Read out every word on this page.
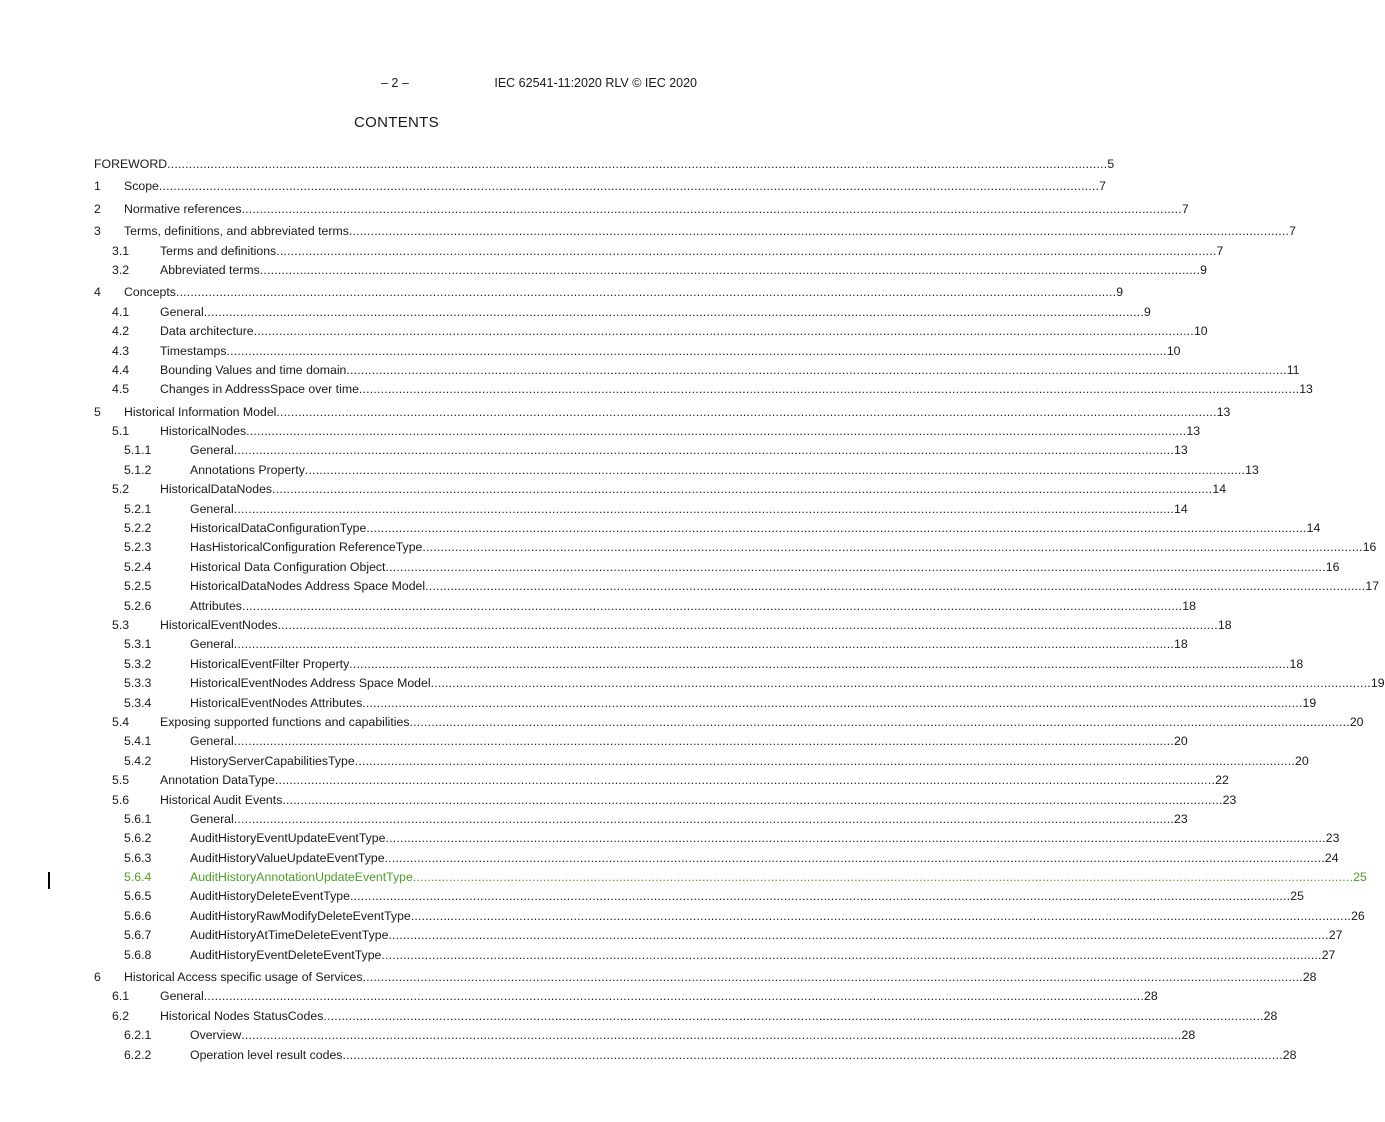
– 2 –	IEC 62541-11:2020 RLV © IEC 2020
CONTENTS
FOREWORD .................................................................................................................................................................................................................................................................... 5
1 Scope .................................................................................................................................................................................................................................................................... 7
2 Normative references .................................................................................................................................................................................................................................................................... 7
3 Terms, definitions, and abbreviated terms .................................................................................................................................................................................................................................................................... 7
3.1	Terms and definitions .................................................................................................................................................................................................................................................................... 7
3.2	Abbreviated terms .................................................................................................................................................................................................................................................................... 9
4 Concepts .................................................................................................................................................................................................................................................................... 9
4.1	General .................................................................................................................................................................................................................................................................... 9
4.2	Data architecture .................................................................................................................................................................................................................................................................... 10
4.3	Timestamps .................................................................................................................................................................................................................................................................... 10
4.4	Bounding Values and time domain .................................................................................................................................................................................................................................................................... 11
4.5	Changes in AddressSpace over time .................................................................................................................................................................................................................................................................... 13
5 Historical Information Model .................................................................................................................................................................................................................................................................... 13
5.1	HistoricalNodes .................................................................................................................................................................................................................................................................... 13
5.1.1	General .................................................................................................................................................................................................................................................................... 13
5.1.2	Annotations Property .................................................................................................................................................................................................................................................................... 13
5.2	HistoricalDataNodes .................................................................................................................................................................................................................................................................... 14
5.2.1	General .................................................................................................................................................................................................................................................................... 14
5.2.2	HistoricalDataConfigurationType .................................................................................................................................................................................................................................................................... 14
5.2.3	HasHistoricalConfiguration ReferenceType .................................................................................................................................................................................................................................................................... 16
5.2.4	Historical Data Configuration Object .................................................................................................................................................................................................................................................................... 16
5.2.5	HistoricalDataNodes Address Space Model .................................................................................................................................................................................................................................................................... 17
5.2.6	Attributes .................................................................................................................................................................................................................................................................... 18
5.3	HistoricalEventNodes .................................................................................................................................................................................................................................................................... 18
5.3.1	General .................................................................................................................................................................................................................................................................... 18
5.3.2	HistoricalEventFilter Property .................................................................................................................................................................................................................................................................... 18
5.3.3	HistoricalEventNodes Address Space Model .................................................................................................................................................................................................................................................................... 19
5.3.4	HistoricalEventNodes Attributes .................................................................................................................................................................................................................................................................... 19
5.4	Exposing supported functions and capabilities .................................................................................................................................................................................................................................................................... 20
5.4.1	General .................................................................................................................................................................................................................................................................... 20
5.4.2	HistoryServerCapabilitiesType .................................................................................................................................................................................................................................................................... 20
5.5	Annotation DataType .................................................................................................................................................................................................................................................................... 22
5.6	Historical Audit Events .................................................................................................................................................................................................................................................................... 23
5.6.1	General .................................................................................................................................................................................................................................................................... 23
5.6.2	AuditHistoryEventUpdateEventType .................................................................................................................................................................................................................................................................... 23
5.6.3	AuditHistoryValueUpdateEventType .................................................................................................................................................................................................................................................................... 24
5.6.4	AuditHistoryAnnotationUpdateEventType .................................................................................................................................................................................................................................................................... 25
5.6.5	AuditHistoryDeleteEventType .................................................................................................................................................................................................................................................................... 25
5.6.6	AuditHistoryRawModifyDeleteEventType .................................................................................................................................................................................................................................................................... 26
5.6.7	AuditHistoryAtTimeDeleteEventType .................................................................................................................................................................................................................................................................... 27
5.6.8	AuditHistoryEventDeleteEventType .................................................................................................................................................................................................................................................................... 27
6 Historical Access specific usage of Services .................................................................................................................................................................................................................................................................... 28
6.1	General .................................................................................................................................................................................................................................................................... 28
6.2	Historical Nodes StatusCodes .................................................................................................................................................................................................................................................................... 28
6.2.1	Overview .................................................................................................................................................................................................................................................................... 28
6.2.2	Operation level result codes .................................................................................................................................................................................................................................................................... 28
